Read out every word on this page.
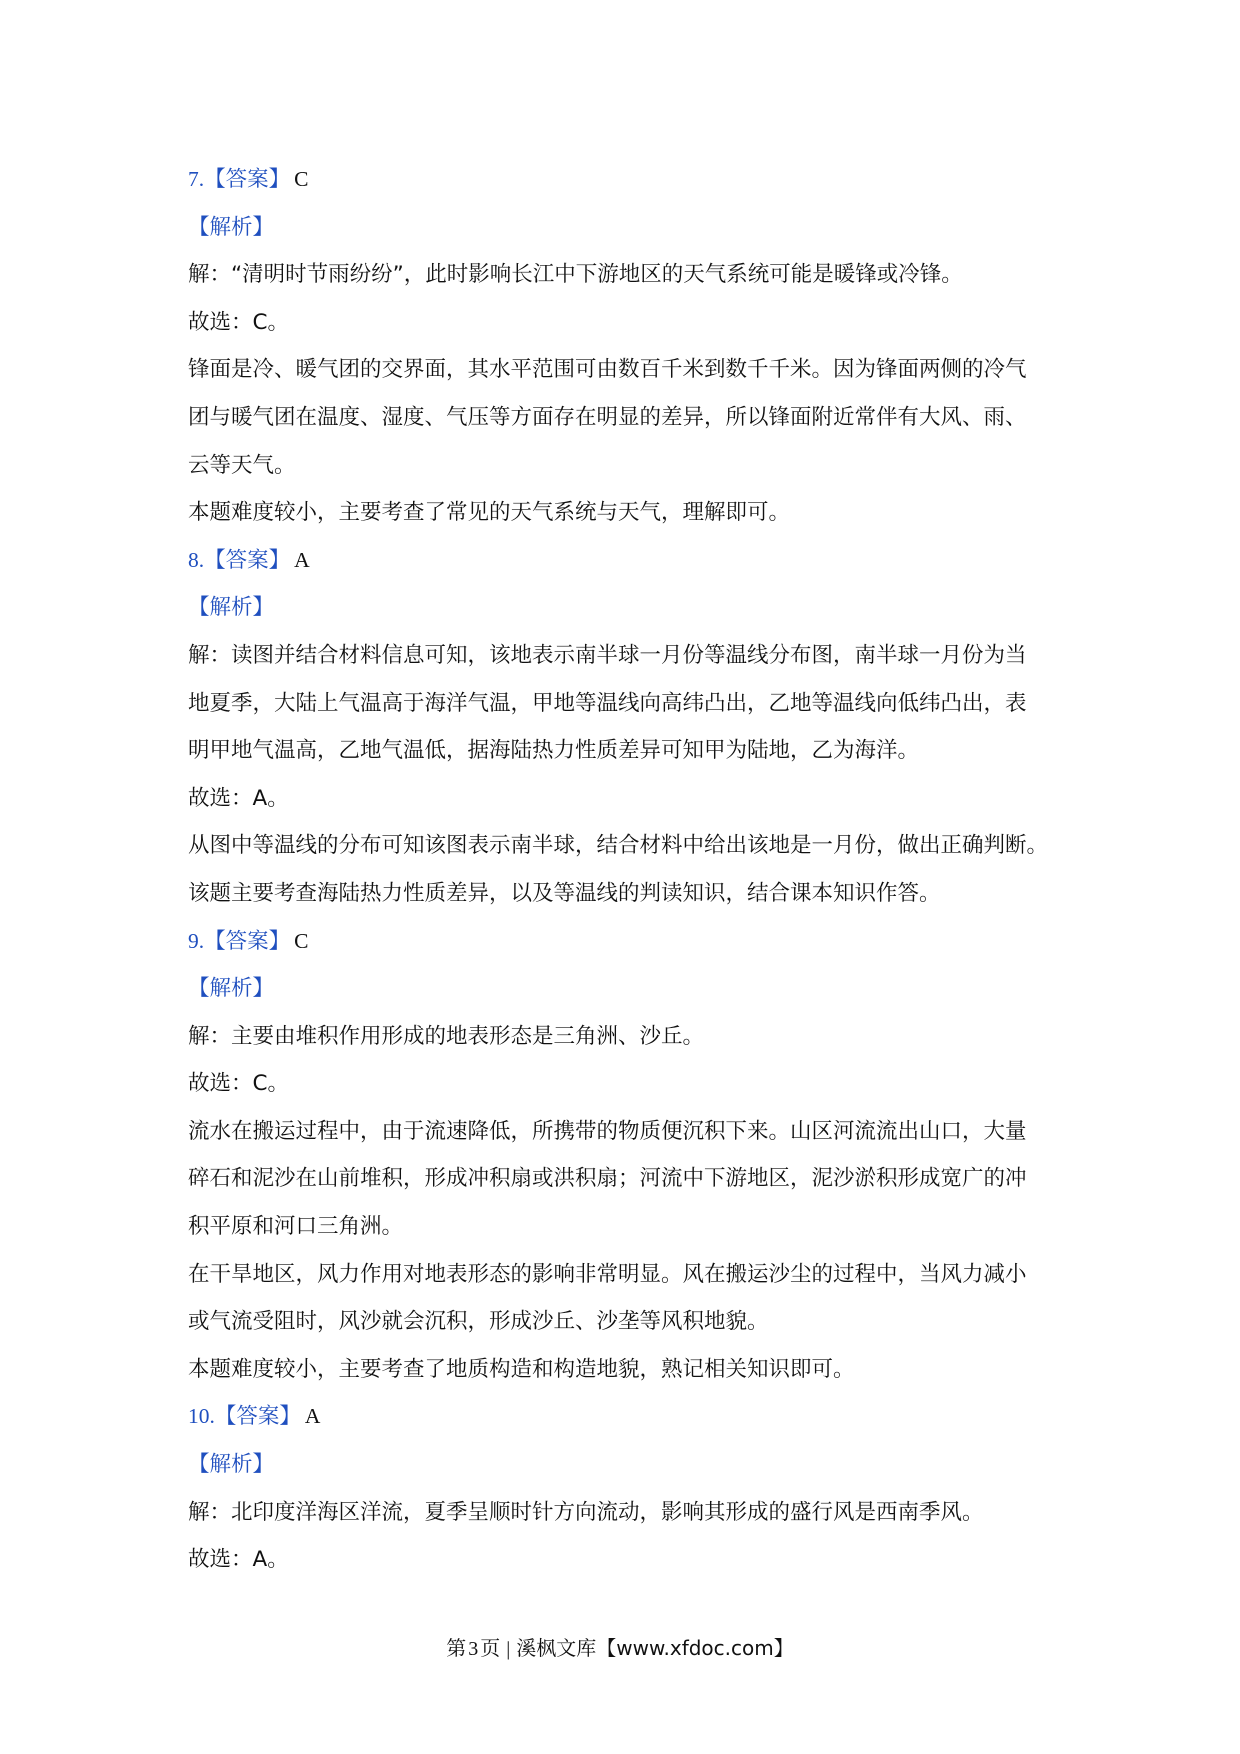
7.【答案】 C
【解析】
解：“清明时节雨纷纷”，此时影响长江中下游地区的天气系统可能是暖锋或冷锋。
故选：C。
锋面是冷、暖气团的交界面，其水平范围可由数百千米到数千千米。因为锋面两侧的冷气
团与暖气团在温度、湿度、气压等方面存在明显的差异，所以锋面附近常伴有大风、雨、
云等天气。
本题难度较小，主要考查了常见的天气系统与天气，理解即可。
8.【答案】 A
【解析】
解：读图并结合材料信息可知，该地表示南半球一月份等温线分布图，南半球一月份为当
地夏季，大陆上气温高于海洋气温，甲地等温线向高纬凸出，乙地等温线向低纬凸出，表
明甲地气温高，乙地气温低，据海陆热力性质差异可知甲为陆地，乙为海洋。
故选：A。
从图中等温线的分布可知该图表示南半球，结合材料中给出该地是一月份，做出正确判断。
该题主要考查海陆热力性质差异，以及等温线的判读知识，结合课本知识作答。
9.【答案】 C
【解析】
解：主要由堆积作用形成的地表形态是三角洲、沙丘。
故选：C。
流水在搬运过程中，由于流速降低，所携带的物质便沉积下来。山区河流流出山口，大量
碎石和泥沙在山前堆积，形成冲积扇或洪积扇；河流中下游地区，泥沙淤积形成宽广的冲
积平原和河口三角洲。
在干旱地区，风力作用对地表形态的影响非常明显。风在搬运沙尘的过程中，当风力减小
或气流受阻时，风沙就会沉积，形成沙丘、沙垄等风积地貌。
本题难度较小，主要考查了地质构造和构造地貌，熟记相关知识即可。
10.【答案】 A
【解析】
解：北印度洋海区洋流，夏季呈顺时针方向流动，影响其形成的盛行风是西南季风。
故选：A。
第 3 页 | 溪枫文库【www.xfdoc.com】
